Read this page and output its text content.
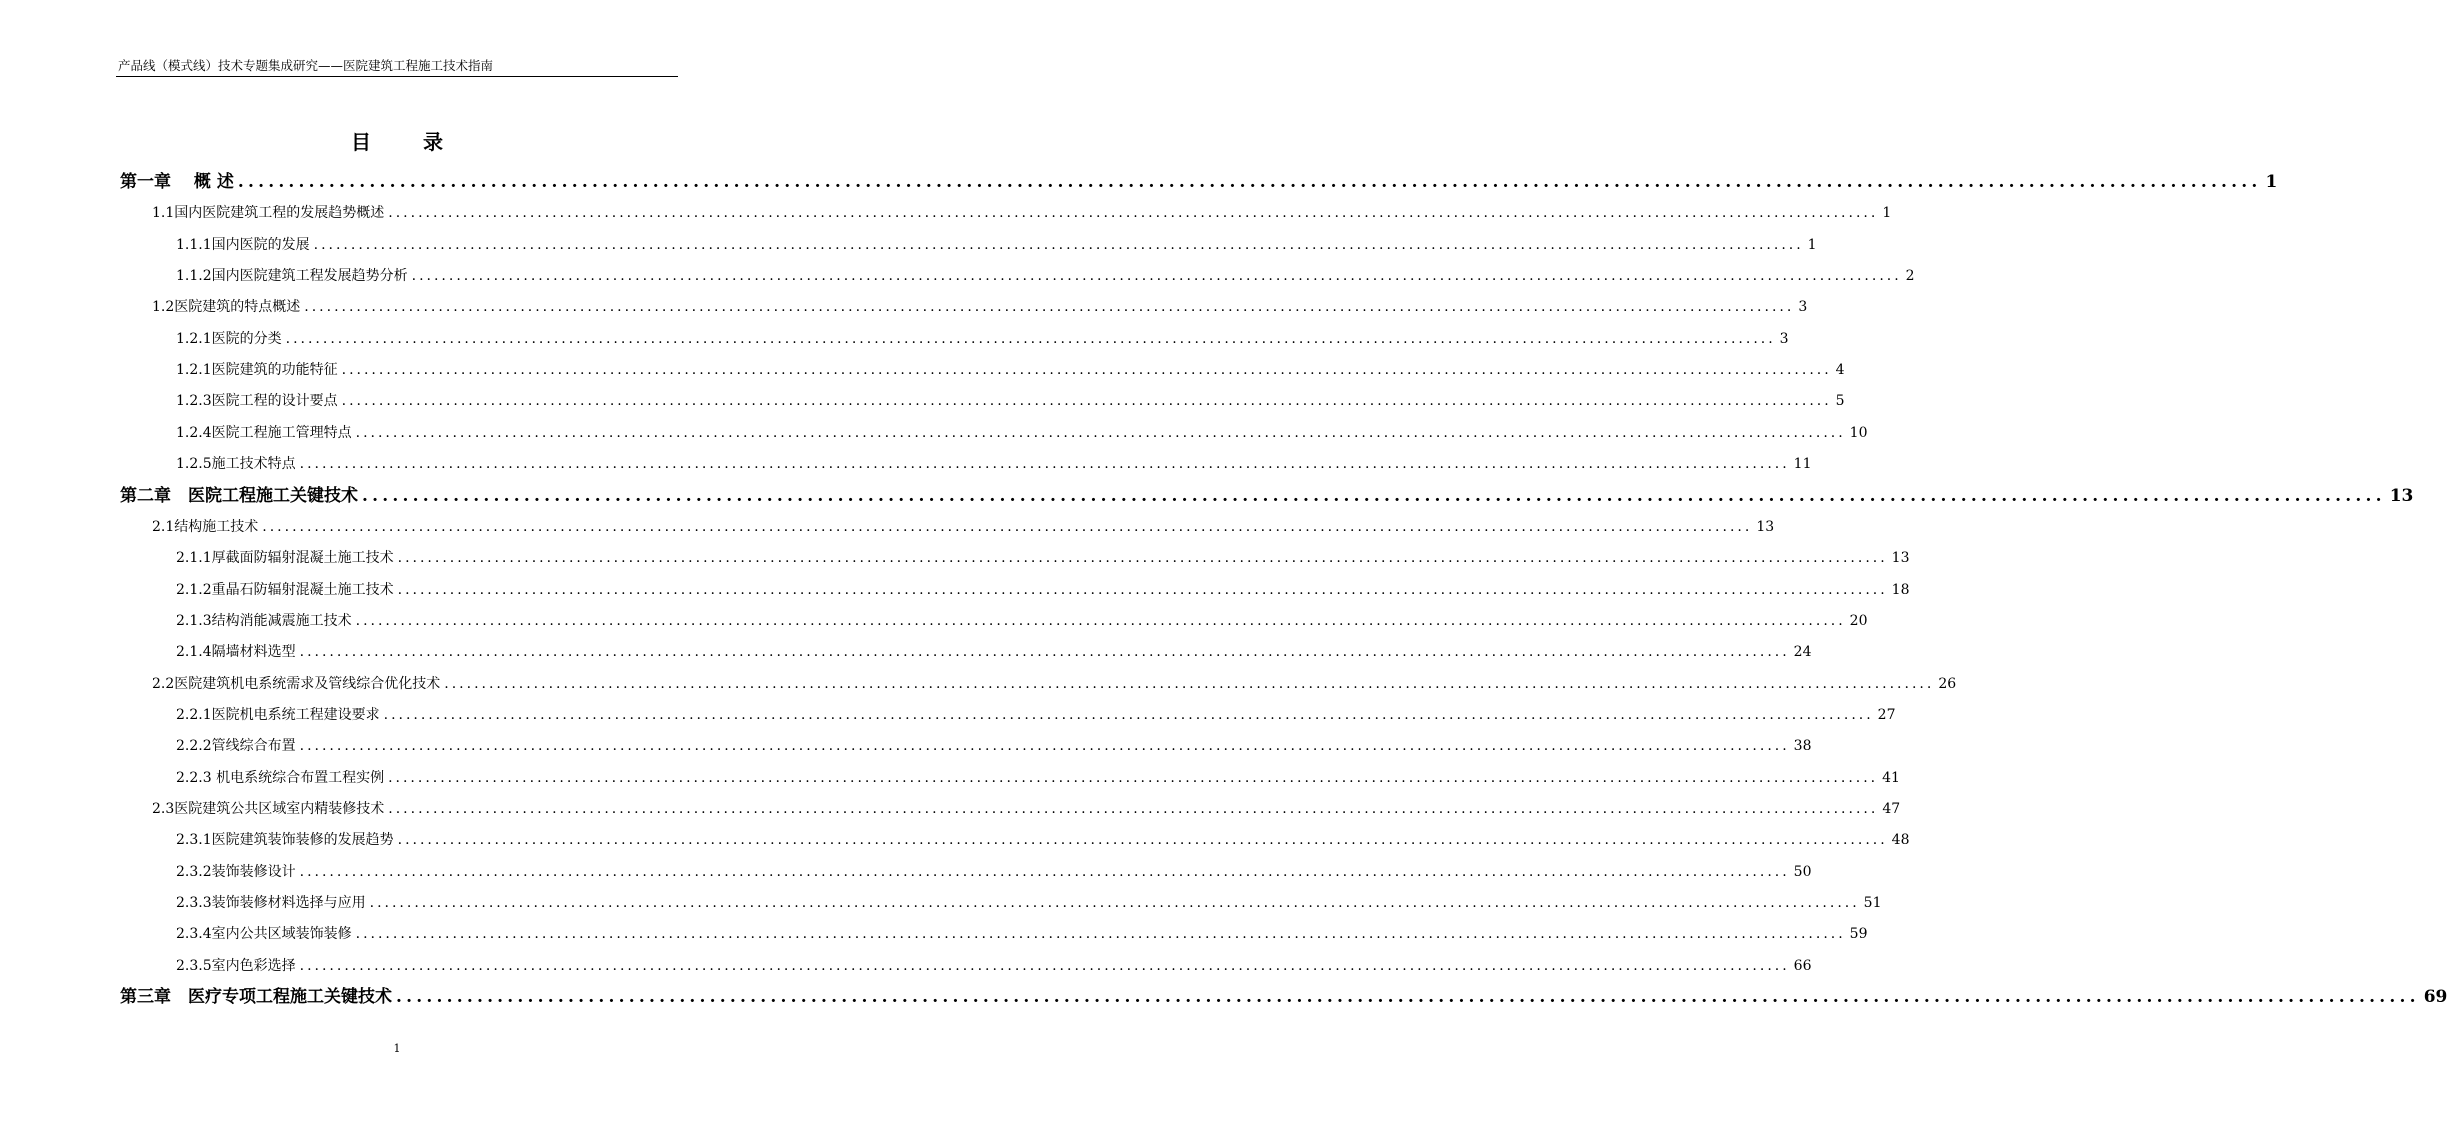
产品线（模式线）技术专题集成研究——医院建筑工程施工技术指南
目　录
第一章　 概 述 ........................................................................................................................................................................................................ 1
1.1国内医院建筑工程的发展趋势概述 ........................................................................................................................................................................................................ 1
1.1.1国内医院的发展 ........................................................................................................................................................................................................ 1
1.1.2国内医院建筑工程发展趋势分析 ........................................................................................................................................................................................................ 2
1.2医院建筑的特点概述 ........................................................................................................................................................................................................ 3
1.2.1医院的分类 ........................................................................................................................................................................................................ 3
1.2.1医院建筑的功能特征 ........................................................................................................................................................................................................ 4
1.2.3医院工程的设计要点 ........................................................................................................................................................................................................ 5
1.2.4医院工程施工管理特点 ........................................................................................................................................................................................................ 10
1.2.5施工技术特点 ........................................................................................................................................................................................................ 11
第二章　医院工程施工关键技术 ........................................................................................................................................................................................................ 13
2.1结构施工技术 ........................................................................................................................................................................................................ 13
2.1.1厚截面防辐射混凝土施工技术 ........................................................................................................................................................................................................ 13
2.1.2重晶石防辐射混凝土施工技术 ........................................................................................................................................................................................................ 18
2.1.3结构消能减震施工技术 ........................................................................................................................................................................................................ 20
2.1.4隔墙材料选型 ........................................................................................................................................................................................................ 24
2.2医院建筑机电系统需求及管线综合优化技术 ........................................................................................................................................................................................................ 26
2.2.1医院机电系统工程建设要求 ........................................................................................................................................................................................................ 27
2.2.2管线综合布置 ........................................................................................................................................................................................................ 38
2.2.3 机电系统综合布置工程实例 ........................................................................................................................................................................................................ 41
2.3医院建筑公共区域室内精装修技术 ........................................................................................................................................................................................................ 47
2.3.1医院建筑装饰装修的发展趋势 ........................................................................................................................................................................................................ 48
2.3.2装饰装修设计 ........................................................................................................................................................................................................ 50
2.3.3装饰装修材料选择与应用 ........................................................................................................................................................................................................ 51
2.3.4室内公共区域装饰装修 ........................................................................................................................................................................................................ 59
2.3.5室内色彩选择 ........................................................................................................................................................................................................ 66
第三章　医疗专项工程施工关键技术 ........................................................................................................................................................................................................ 69
1
